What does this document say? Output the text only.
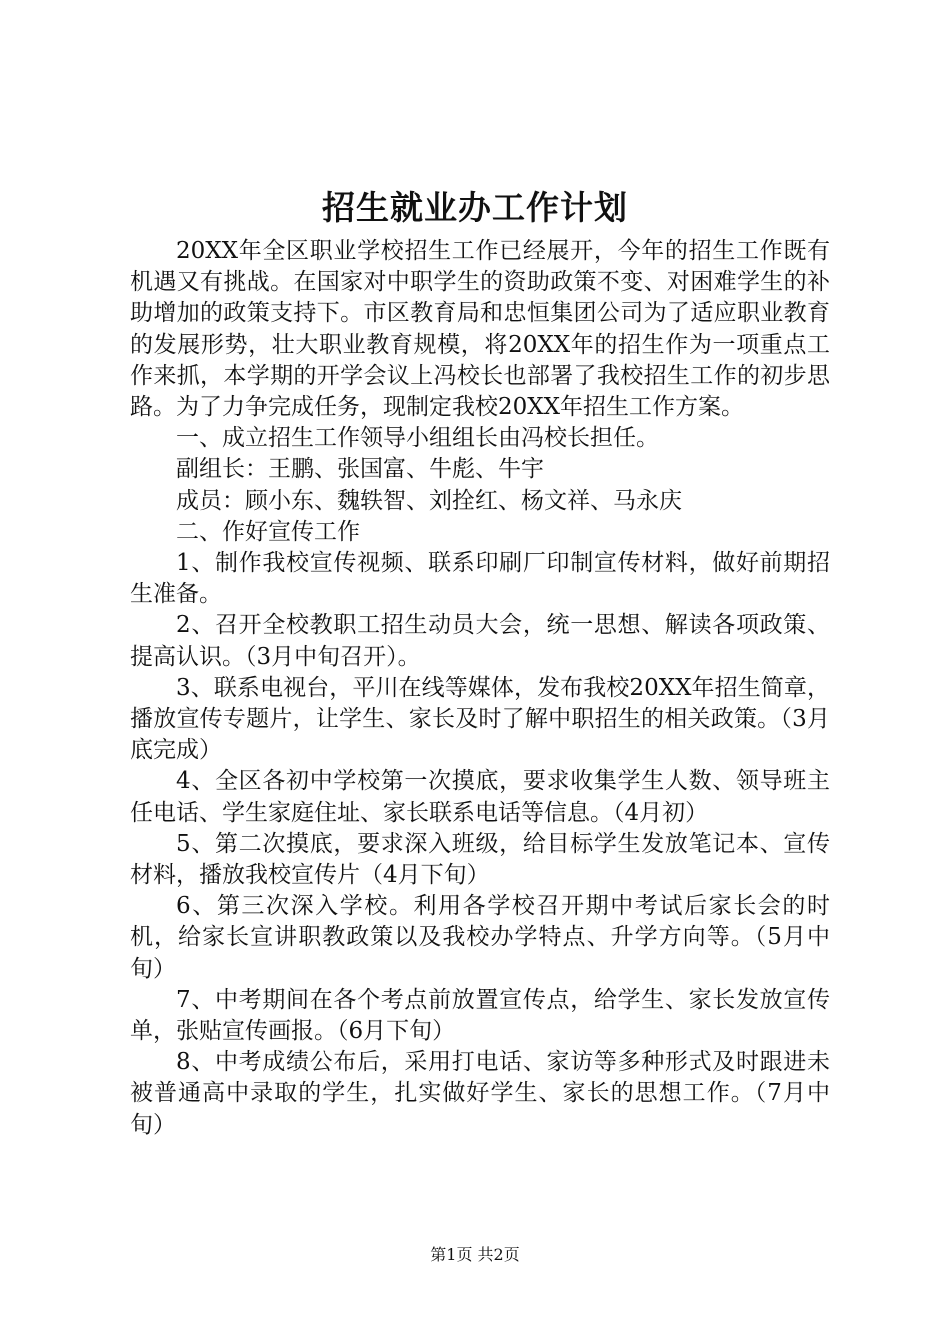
招生就业办工作计划

20XX年全区职业学校招生工作已经展开，今年的招生工作既有机遇又有挑战。在国家对中职学生的资助政策不变、对困难学生的补助增加的政策支持下。市区教育局和忠恒集团公司为了适应职业教育的发展形势，壮大职业教育规模，将20XX年的招生作为一项重点工作来抓，本学期的开学会议上冯校长也部署了我校招生工作的初步思路。为了力争完成任务，现制定我校20XX年招生工作方案。

一、成立招生工作领导小组组长由冯校长担任。

副组长：王鹏、张国富、牛彪、牛宇

成员：顾小东、魏轶智、刘拴红、杨文祥、马永庆

二、作好宣传工作

1、制作我校宣传视频、联系印刷厂印制宣传材料，做好前期招生准备。

2、召开全校教职工招生动员大会，统一思想、解读各项政策、提高认识。（3月中旬召开）。

3、联系电视台，平川在线等媒体，发布我校20XX年招生简章，播放宣传专题片，让学生、家长及时了解中职招生的相关政策。（3月底完成）

4、全区各初中学校第一次摸底，要求收集学生人数、领导班主任电话、学生家庭住址、家长联系电话等信息。（4月初）

5、第二次摸底，要求深入班级，给目标学生发放笔记本、宣传材料，播放我校宣传片（4月下旬）

6、第三次深入学校。利用各学校召开期中考试后家长会的时机，给家长宣讲职教政策以及我校办学特点、升学方向等。（5月中旬）

7、中考期间在各个考点前放置宣传点，给学生、家长发放宣传单，张贴宣传画报。（6月下旬）

8、中考成绩公布后，采用打电话、家访等多种形式及时跟进未被普通高中录取的学生，扎实做好学生、家长的思想工作。（7月中旬）

第1页 共2页
